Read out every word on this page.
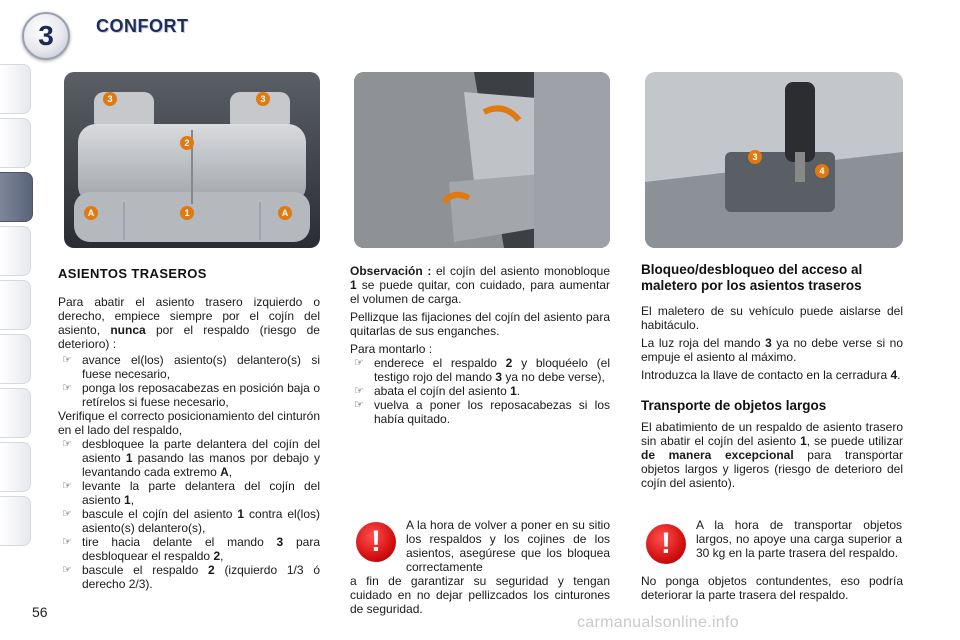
3	CONFORT
3	3
2
A	1	A
3
4
ASIENTOS TRASEROS

Para abatir el asiento trasero izquierdo o derecho, empiece siempre por el cojín del asiento, nunca por el respaldo (riesgo de deterioro) :

☞ avance el(los) asiento(s) delantero(s) si fuese necesario,
☞ ponga los reposacabezas en posición baja o retírelos si fuese necesario,

Verifique el correcto posicionamiento del cinturón en el lado del respaldo,

☞ desbloquee la parte delantera del cojín del asiento 1 pasando las manos por debajo y levantando cada extremo A,
☞ levante la parte delantera del cojín del asiento 1,
☞ bascule el cojín del asiento 1 contra el(los) asiento(s) delantero(s),
☞ tire hacia delante el mando 3 para desbloquear el respaldo 2,
☞ bascule el respaldo 2 (izquierdo 1/3 ó derecho 2/3).

Observación : el cojín del asiento monobloque 1 se puede quitar, con cuidado, para aumentar el volumen de carga.

Pellizque las fijaciones del cojín del asiento para quitarlas de sus enganches.

Para montarlo :

☞ enderece el respaldo 2 y bloquéelo (el testigo rojo del mando 3 ya no debe verse),
☞ abata el cojín del asiento 1.
☞ vuelva a poner los reposacabezas si los había quitado.
!	A la hora de volver a poner en su sitio los respaldos y los cojines de los asientos, asegúrese que los bloquea correctamente
a fin de garantizar su seguridad y tengan cuidado en no dejar pellizcados los cinturones de seguridad.
Bloqueo/desbloqueo del acceso al maletero por los asientos traseros

El maletero de su vehículo puede aislarse del habitáculo.

La luz roja del mando 3 ya no debe verse si no empuje el asiento al máximo.

Introduzca la llave de contacto en la cerradura 4.

Transporte de objetos largos

El abatimiento de un respaldo de asiento trasero sin abatir el cojín del asiento 1, se puede utilizar de manera excepcional para transportar objetos largos y ligeros (riesgo de deterioro del cojín del asiento).

!
A la hora de transportar objetos largos, no apoye una carga superior a 30 kg en la parte trasera del respaldo.
No ponga objetos contundentes, eso podría deteriorar la parte trasera del respaldo.
56
carmanualsonline.info
